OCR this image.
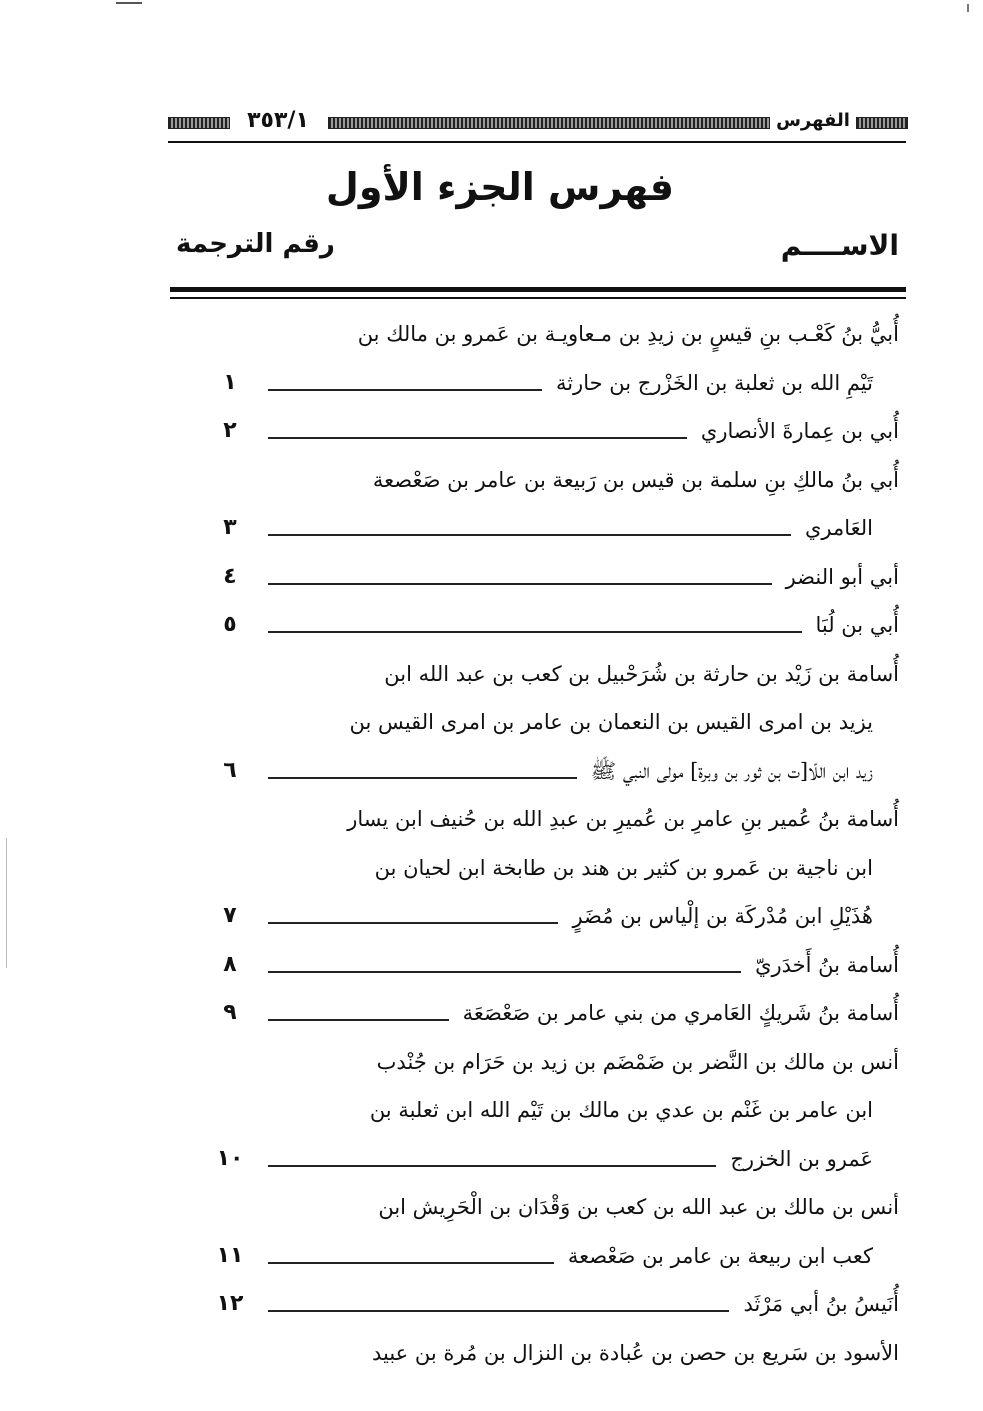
٣٥٣/١	الفهرس
فهرس الجزء الأول
الاســــم
رقم الترجمة
أُبيُّ بنُ كَعْـب بنِ قيسٍ بن زيدِ بن مـعاويـة بن عَمرو بن مالك بن
تَيْمِ الله بن ثعلبة بن الخَزْرج بن حارثة
١
أُبي بن عِمارةَ الأنصاري
٢
أُبي بنُ مالكِ بنِ سلمة بن قيس بن رَبيعة بن عامر بن صَعْصعة
العَامري
٣
أبي أبو النضر
٤
أُبي بن لُبَا
٥
أُسامة بن زَيْد بن حارثة بن شُرَحْبيل بن كعب بن عبد الله ابن
يزيد بن امرى القيس بن النعمان بن عامر بن امرى القيس بن
زيد ابن اللّا[ت بن ثور بن وبرة] مولى النبي ﷺ
٦
أُسامة بنُ عُمير بنِ عامرِ بن عُميرِ بن عبدِ الله بن حُنيف ابن يسار
ابن ناجية بن عَمرو بن كثير بن هند بن طابخة ابن لحيان بن
هُذَيْلِ ابن مُدْركَة بن إلْياس بن مُضَرٍ
٧
أُسامة بنُ أَخدَريّ
٨
أُسامة بنُ شَريكٍ العَامري من بني عامر بن صَعْصَعَة
٩
أنس بن مالك بن النَّضر بن ضَمْضَم بن زيد بن حَرَام بن جُنْدب
ابن عامر بن غَنْم بن عدي بن مالك بن تَيْم الله ابن ثعلبة بن
عَمرو بن الخزرج
١٠
أنس بن مالك بن عبد الله بن كعب بن وَقْدَان بن الْحَرِيش ابن
كعب ابن ربيعة بن عامر بن صَعْصعة
١١
أُنَيسُ بنُ أبي مَرْثَد
١٢
الأسود بن سَريع بن حصن بن عُبادة بن النزال بن مُرة بن عبيد
